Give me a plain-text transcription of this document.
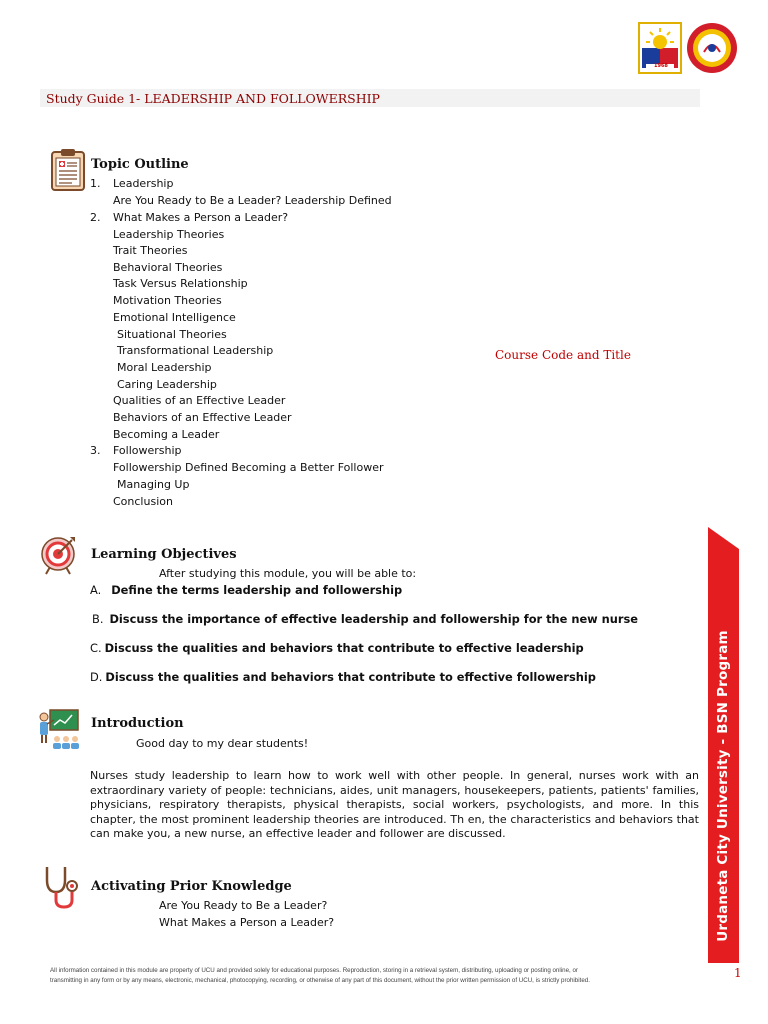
1968
Study Guide 1- LEADERSHIP AND FOLLOWERSHIP
Course Code and Title
Topic Outline
1. Leadership
Are You Ready to Be a Leader? Leadership Defined
2. What Makes a Person a Leader?
Leadership Theories
Trait Theories
Behavioral Theories
Task Versus Relationship
Motivation Theories
Emotional Intelligence
Situational Theories
Transformational Leadership
Moral Leadership
Caring Leadership
Qualities of an Effective Leader
Behaviors of an Effective Leader
Becoming a Leader
3. Followership
Followership Defined Becoming a Better Follower
Managing Up
Conclusion
Learning Objectives
After studying this module, you will be able to:
A. Define the terms leadership and followership
B. Discuss the importance of effective leadership and followership for the new nurse
C. Discuss the qualities and behaviors that contribute to effective leadership
D. Discuss the qualities and behaviors that contribute to effective followership
Introduction
Good day to my dear students!
Nurses study leadership to learn how to work well with other people. In general, nurses work with an extraordinary variety of people: technicians, aides, unit managers, housekeepers, patients, patients' families, physicians, respiratory therapists, physical therapists, social workers, psychologists, and more. In this chapter, the most prominent leadership theories are introduced. Th en, the characteristics and behaviors that can make you, a new nurse, an effective leader and follower are discussed.
Activating Prior Knowledge
Are You Ready to Be a Leader?
What Makes a Person a Leader?	Urdaneta City University - BSN Program
All information contained in this module are property of UCU and provided solely for educational purposes. Reproduction, storing in a retrieval system, distributing, uploading or posting online, or
transmitting in any form or by any means, electronic, mechanical, photocopying, recording, or otherwise of any part of this document, without the prior written permission of UCU, is strictly prohibited.
1
